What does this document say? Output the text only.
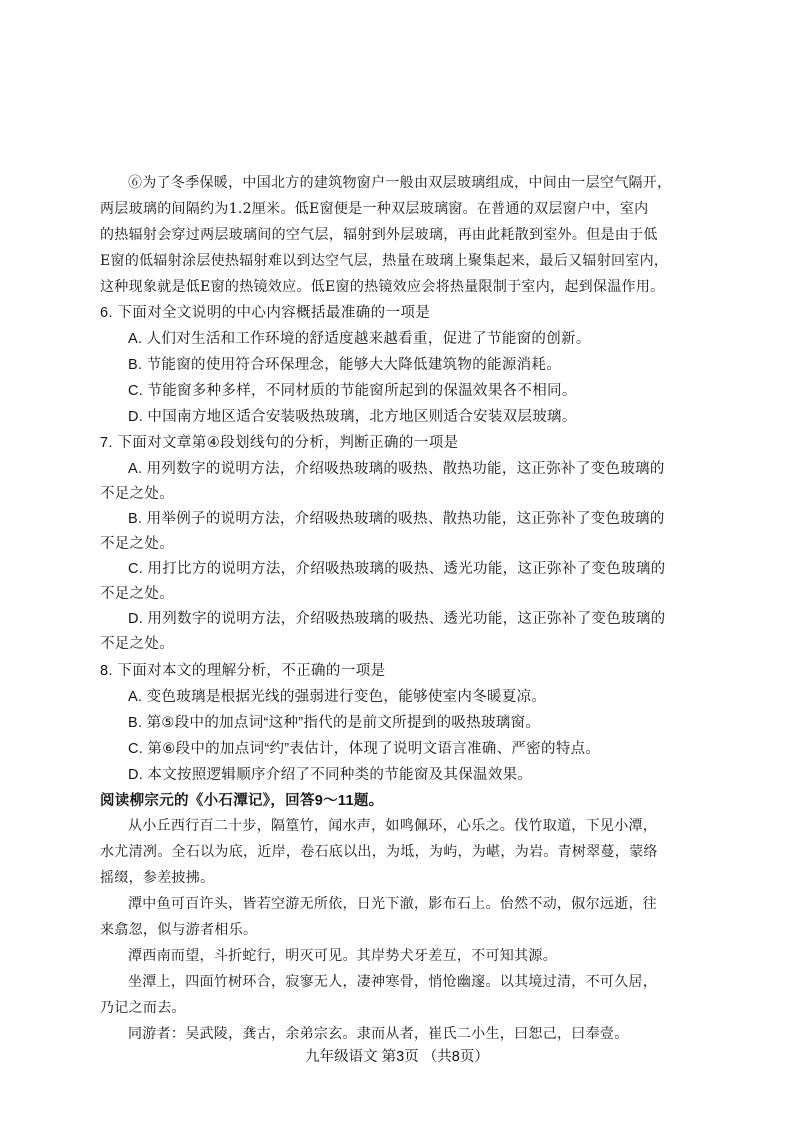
⑥为了冬季保暖，中国北方的建筑物窗户一般由双层玻璃组成，中间由一层空气隔开，
两层玻璃的间隔约为1.2厘米。低E窗便是一种双层玻璃窗。在普通的双层窗户中，室内
的热辐射会穿过两层玻璃间的空气层，辐射到外层玻璃，再由此耗散到室外。但是由于低
E窗的低辐射涂层使热辐射难以到达空气层，热量在玻璃上聚集起来，最后又辐射回室内，
这种现象就是低E窗的热镜效应。低E窗的热镜效应会将热量限制于室内，起到保温作用。
6. 下面对全文说明的中心内容概括最准确的一项是
A. 人们对生活和工作环境的舒适度越来越看重，促进了节能窗的创新。
B. 节能窗的使用符合环保理念，能够大大降低建筑物的能源消耗。
C. 节能窗多种多样，不同材质的节能窗所起到的保温效果各不相同。
D. 中国南方地区适合安装吸热玻璃，北方地区则适合安装双层玻璃。
7. 下面对文章第④段划线句的分析，判断正确的一项是
A. 用列数字的说明方法，介绍吸热玻璃的吸热、散热功能，这正弥补了变色玻璃的
不足之处。
B. 用举例子的说明方法，介绍吸热玻璃的吸热、散热功能，这正弥补了变色玻璃的
不足之处。
C. 用打比方的说明方法，介绍吸热玻璃的吸热、透光功能，这正弥补了变色玻璃的
不足之处。
D. 用列数字的说明方法，介绍吸热玻璃的吸热、透光功能，这正弥补了变色玻璃的
不足之处。
8. 下面对本文的理解分析，不正确的一项是
A. 变色玻璃是根据光线的强弱进行变色，能够使室内冬暖夏凉。
B. 第⑤段中的加点词“这种”指代的是前文所提到的吸热玻璃窗。
C. 第⑥段中的加点词“约”表估计，体现了说明文语言准确、严密的特点。
D. 本文按照逻辑顺序介绍了不同种类的节能窗及其保温效果。
阅读柳宗元的《小石潭记》，回答9～11题。
从小丘西行百二十步，隔篁竹，闻水声，如鸣佩环，心乐之。伐竹取道，下见小潭，
水尤清冽。全石以为底，近岸，卷石底以出，为坻，为屿，为嵁，为岩。青树翠蔓，蒙络
摇缀，参差披拂。
潭中鱼可百许头，皆若空游无所依，日光下澈，影布石上。佁然不动，俶尔远逝，往
来翕忽，似与游者相乐。
潭西南而望，斗折蛇行，明灭可见。其岸势犬牙差互，不可知其源。
坐潭上，四面竹树环合，寂寥无人，凄神寒骨，悄怆幽邃。以其境过清，不可久居，
乃记之而去。
同游者：吴武陵，龚古，余弟宗玄。隶而从者，崔氏二小生，曰恕己，曰奉壹。
九年级语文 第3页 （共8页）
